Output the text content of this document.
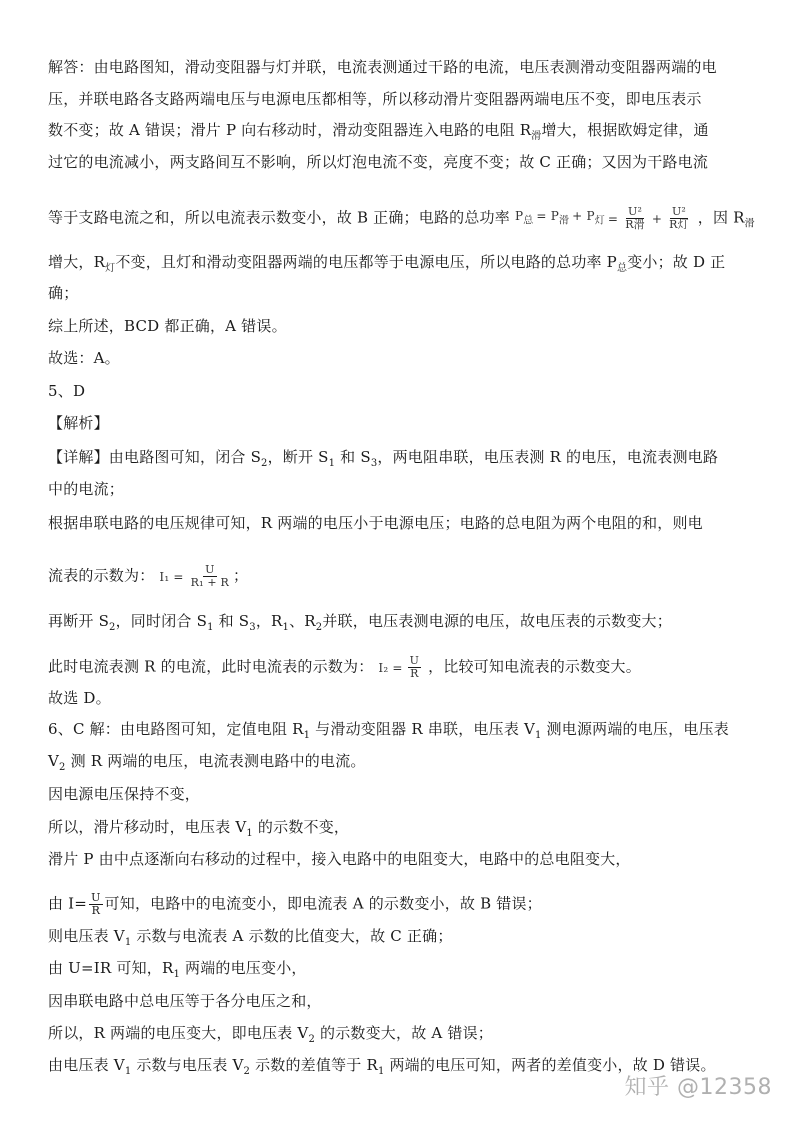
解答：由电路图知，滑动变阻器与灯并联，电流表测通过干路的电流，电压表测滑动变阻器两端的电
压，并联电路各支路两端电压与电源电压都相等，所以移动滑片变阻器两端电压不变，即电压表示
数不变；故 A 错误；滑片 P 向右移动时，滑动变阻器连入电路的电阻 $R_滑$增大，根据欧姆定律，通
过它的电流减小，两支路间互不影响，所以灯泡电流不变，亮度不变；故 C 正确；又因为干路电流
等于支路电流之和，所以电流表示数变小，故 B 正确；电路的总功率 $P_总 = P_滑 + P_灯 = \frac{\text{U²}}{\text{R滑}} + \frac{\text{U²}}{\text{R灯}}$ ，因 $R_滑$
增大，$R_灯$不变，且灯和滑动变阻器两端的电压都等于电源电压，所以电路的总功率 $P_总$变小；故 D 正
确；
综上所述，BCD 都正确，A 错误。
故选：A。
5、D
【解析】
【详解】由电路图可知，闭合 $S_2$，断开 $S_1$ 和 $S_3$，两电阻串联，电压表测 R 的电压，电流表测电路
中的电流；
根据串联电路的电压规律可知，R 两端的电压小于电源电压；电路的总电阻为两个电阻的和，则电
流表的示数为： $I_1 = \frac{U}{\text{R₁ + R}}$ ；
再断开 $S_2$，同时闭合 $S_1$ 和 $S_3$，$R_1$、$R_2$并联，电压表测电源的电压，故电压表的示数变大；
此时电流表测 R 的电流，此时电流表的示数为： $I_2 = \frac{U}{R}$ ，比较可知电流表的示数变大。
故选 D。
6、C 解：由电路图可知，定值电阻 $R_1$ 与滑动变阻器 R 串联，电压表 $V_1$ 测电源两端的电压，电压表
$V_2$ 测 R 两端的电压，电流表测电路中的电流。
因电源电压保持不变，
所以，滑片移动时，电压表 $V_1$ 的示数不变，
滑片 P 由中点逐渐向右移动的过程中，接入电路中的电阻变大，电路中的总电阻变大，
由 $I= \frac{U}{R}$ 可知，电路中的电流变小，即电流表 A 的示数变小，故 B 错误；
则电压表 $V_1$ 示数与电流表 A 示数的比值变大，故 C 正确；
由 U=IR 可知，$R_1$ 两端的电压变小，
因串联电路中总电压等于各分电压之和，
所以，R 两端的电压变大，即电压表 $V_2$ 的示数变大，故 A 错误；
由电压表 $V_1$ 示数与电压表 $V_2$ 示数的差值等于 $R_1$ 两端的电压可知，两者的差值变小，故 D 错误。
知乎 @12358
